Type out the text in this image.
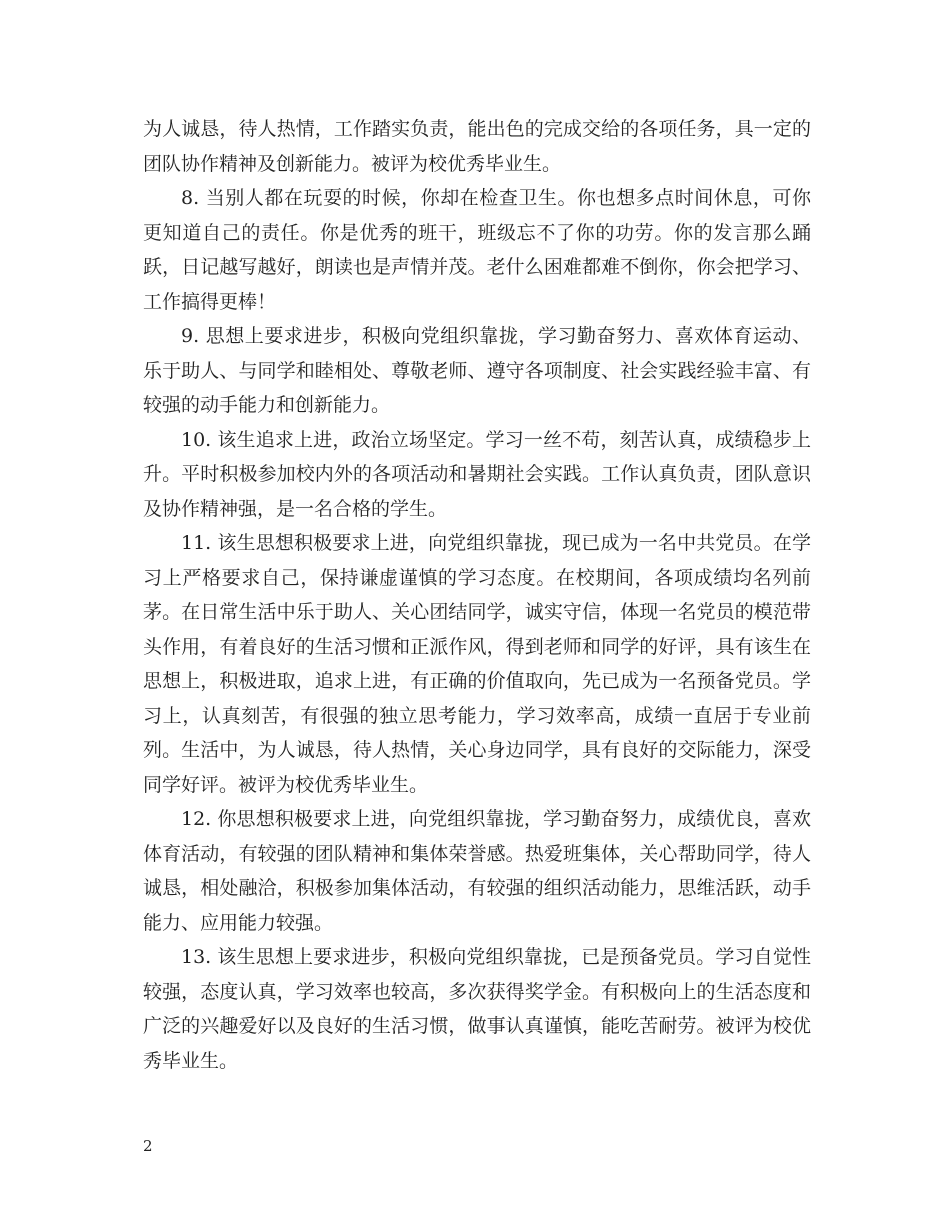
为人诚恳，待人热情，工作踏实负责，能出色的完成交给的各项任务，具一定的团队协作精神及创新能力。被评为校优秀毕业生。

8. 当别人都在玩耍的时候，你却在检查卫生。你也想多点时间休息，可你更知道自己的责任。你是优秀的班干，班级忘不了你的功劳。你的发言那么踊跃，日记越写越好，朗读也是声情并茂。老什么困难都难不倒你，你会把学习、工作搞得更棒！

9. 思想上要求进步，积极向党组织靠拢，学习勤奋努力、喜欢体育运动、乐于助人、与同学和睦相处、尊敬老师、遵守各项制度、社会实践经验丰富、有较强的动手能力和创新能力。

10. 该生追求上进，政治立场坚定。学习一丝不苟，刻苦认真，成绩稳步上升。平时积极参加校内外的各项活动和暑期社会实践。工作认真负责，团队意识及协作精神强，是一名合格的学生。

11. 该生思想积极要求上进，向党组织靠拢，现已成为一名中共党员。在学习上严格要求自己，保持谦虚谨慎的学习态度。在校期间，各项成绩均名列前茅。在日常生活中乐于助人、关心团结同学，诚实守信，体现一名党员的模范带头作用，有着良好的生活习惯和正派作风，得到老师和同学的好评，具有该生在思想上，积极进取，追求上进，有正确的价值取向，先已成为一名预备党员。学习上，认真刻苦，有很强的独立思考能力，学习效率高，成绩一直居于专业前列。生活中，为人诚恳，待人热情，关心身边同学，具有良好的交际能力，深受同学好评。被评为校优秀毕业生。

12. 你思想积极要求上进，向党组织靠拢，学习勤奋努力，成绩优良，喜欢体育活动，有较强的团队精神和集体荣誉感。热爱班集体，关心帮助同学，待人诚恳，相处融洽，积极参加集体活动，有较强的组织活动能力，思维活跃，动手能力、应用能力较强。

13. 该生思想上要求进步，积极向党组织靠拢，已是预备党员。学习自觉性较强，态度认真，学习效率也较高，多次获得奖学金。有积极向上的生活态度和广泛的兴趣爱好以及良好的生活习惯，做事认真谨慎，能吃苦耐劳。被评为校优秀毕业生。

2
